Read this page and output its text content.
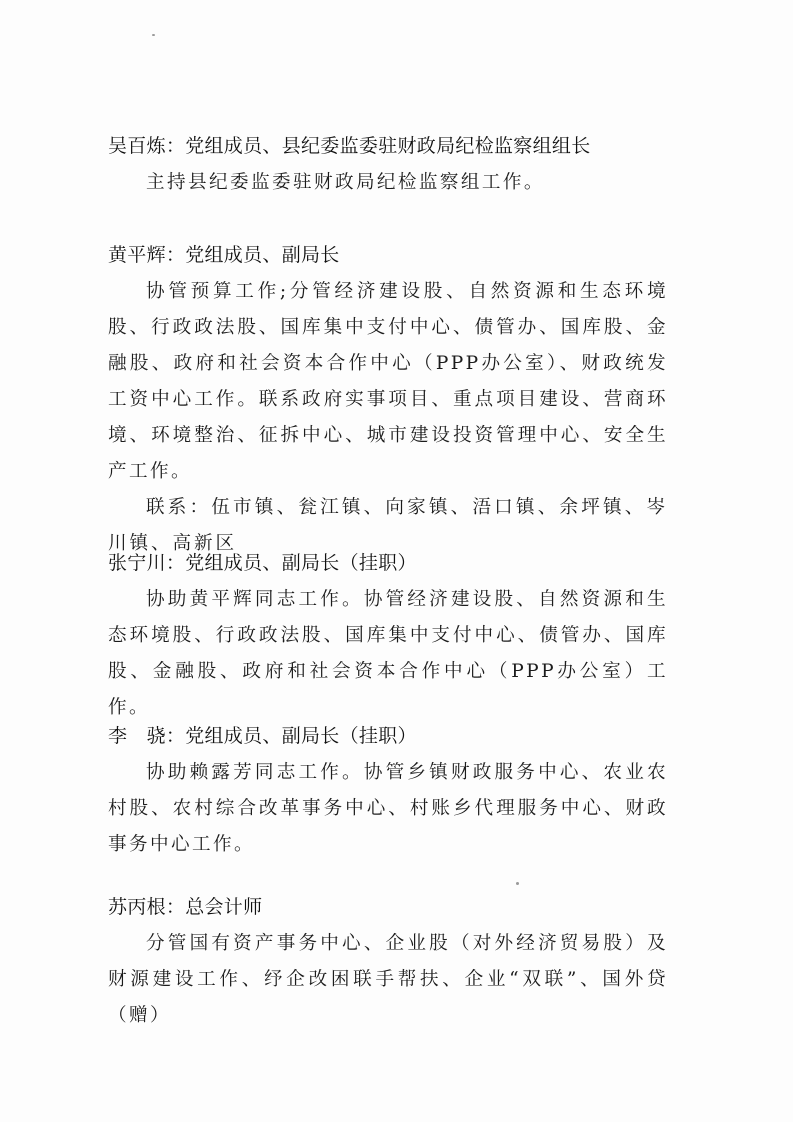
吴百炼：党组成员、县纪委监委驻财政局纪检监察组组长

主持县纪委监委驻财政局纪检监察组工作。

黄平辉：党组成员、副局长

协管预算工作;分管经济建设股、自然资源和生态环境股、行政政法股、国库集中支付中心、债管办、国库股、金融股、政府和社会资本合作中心（PPP办公室）、财政统发工资中心工作。联系政府实事项目、重点项目建设、营商环境、环境整治、征拆中心、城市建设投资管理中心、安全生产工作。

联系：伍市镇、瓮江镇、向家镇、浯口镇、余坪镇、岑川镇、高新区

张宁川：党组成员、副局长（挂职）

协助黄平辉同志工作。协管经济建设股、自然资源和生态环境股、行政政法股、国库集中支付中心、债管办、国库股、金融股、政府和社会资本合作中心（PPP办公室）工作。

李　骁：党组成员、副局长（挂职）

协助赖露芳同志工作。协管乡镇财政服务中心、农业农村股、农村综合改革事务中心、村账乡代理服务中心、财政事务中心工作。

苏丙根：总会计师

分管国有资产事务中心、企业股（对外经济贸易股）及财源建设工作、纾企改困联手帮扶、企业“双联”、国外贷（赠）
